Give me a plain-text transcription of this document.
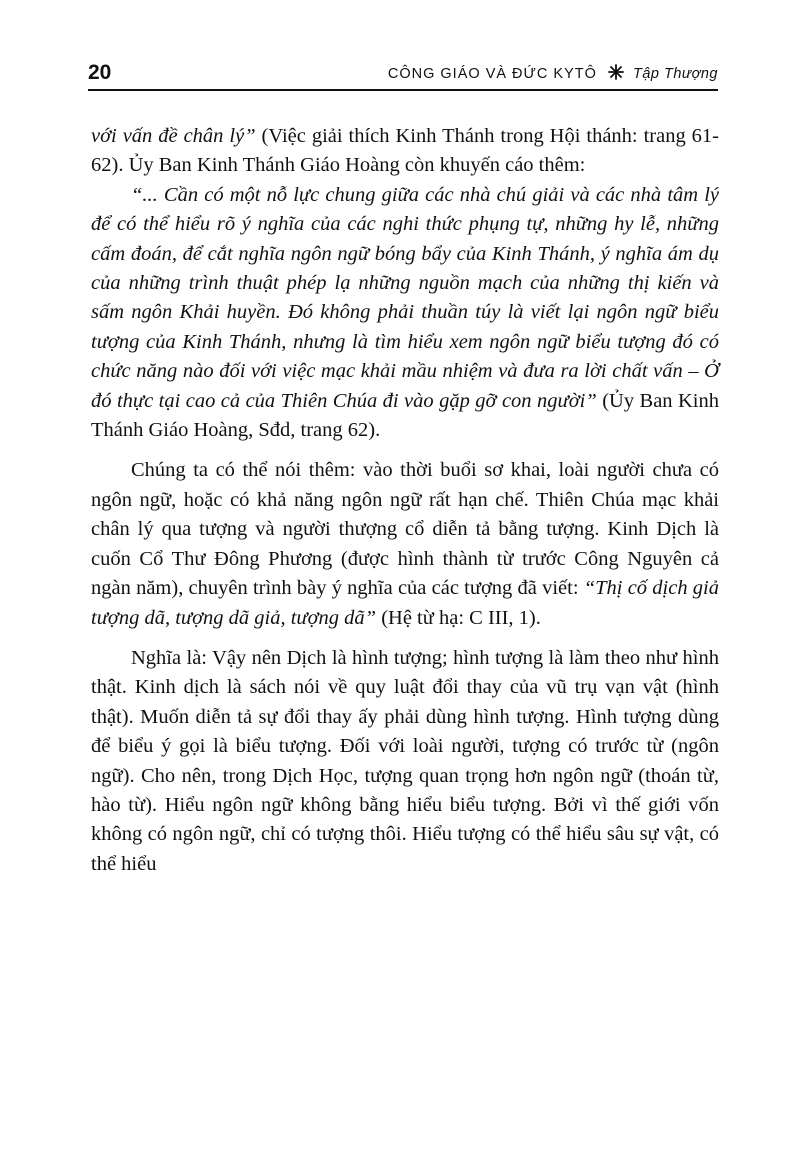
20	CÔNG GIÁO VÀ ĐỨC KYTÔ Tập Thượng

với vấn đề chân lý” (Việc giải thích Kinh Thánh trong Hội thánh: trang 61-62). Ủy Ban Kinh Thánh Giáo Hoàng còn khuyến cáo thêm:

“... Cần có một nỗ lực chung giữa các nhà chú giải và các nhà tâm lý để có thể hiểu rõ ý nghĩa của các nghi thức phụng tự, những hy lễ, những cấm đoán, để cắt nghĩa ngôn ngữ bóng bẩy của Kinh Thánh, ý nghĩa ám dụ của những trình thuật phép lạ những nguồn mạch của những thị kiến và sấm ngôn Khải huyền. Đó không phải thuần túy là viết lại ngôn ngữ biểu tượng của Kinh Thánh, nhưng là tìm hiểu xem ngôn ngữ biểu tượng đó có chức năng nào đối với việc mạc khải mầu nhiệm và đưa ra lời chất vấn – Ở đó thực tại cao cả của Thiên Chúa đi vào gặp gỡ con người” (Ủy Ban Kinh Thánh Giáo Hoàng, Sđd, trang 62).

Chúng ta có thể nói thêm: vào thời buổi sơ khai, loài người chưa có ngôn ngữ, hoặc có khả năng ngôn ngữ rất hạn chế. Thiên Chúa mạc khải chân lý qua tượng và người thượng cổ diễn tả bằng tượng. Kinh Dịch là cuốn Cổ Thư Đông Phương (được hình thành từ trước Công Nguyên cả ngàn năm), chuyên trình bày ý nghĩa của các tượng đã viết: “Thị cố dịch giả tượng dã, tượng dã giả, tượng dã” (Hệ từ hạ: C III, 1).

Nghĩa là: Vậy nên Dịch là hình tượng; hình tượng là làm theo như hình thật. Kinh dịch là sách nói về quy luật đổi thay của vũ trụ vạn vật (hình thật). Muốn diễn tả sự đổi thay ấy phải dùng hình tượng. Hình tượng dùng để biểu ý gọi là biểu tượng. Đối với loài người, tượng có trước từ (ngôn ngữ). Cho nên, trong Dịch Học, tượng quan trọng hơn ngôn ngữ (thoán từ, hào từ). Hiểu ngôn ngữ không bằng hiểu biểu tượng. Bởi vì thế giới vốn không có ngôn ngữ, chỉ có tượng thôi. Hiểu tượng có thể hiểu sâu sự vật, có thể hiểu
